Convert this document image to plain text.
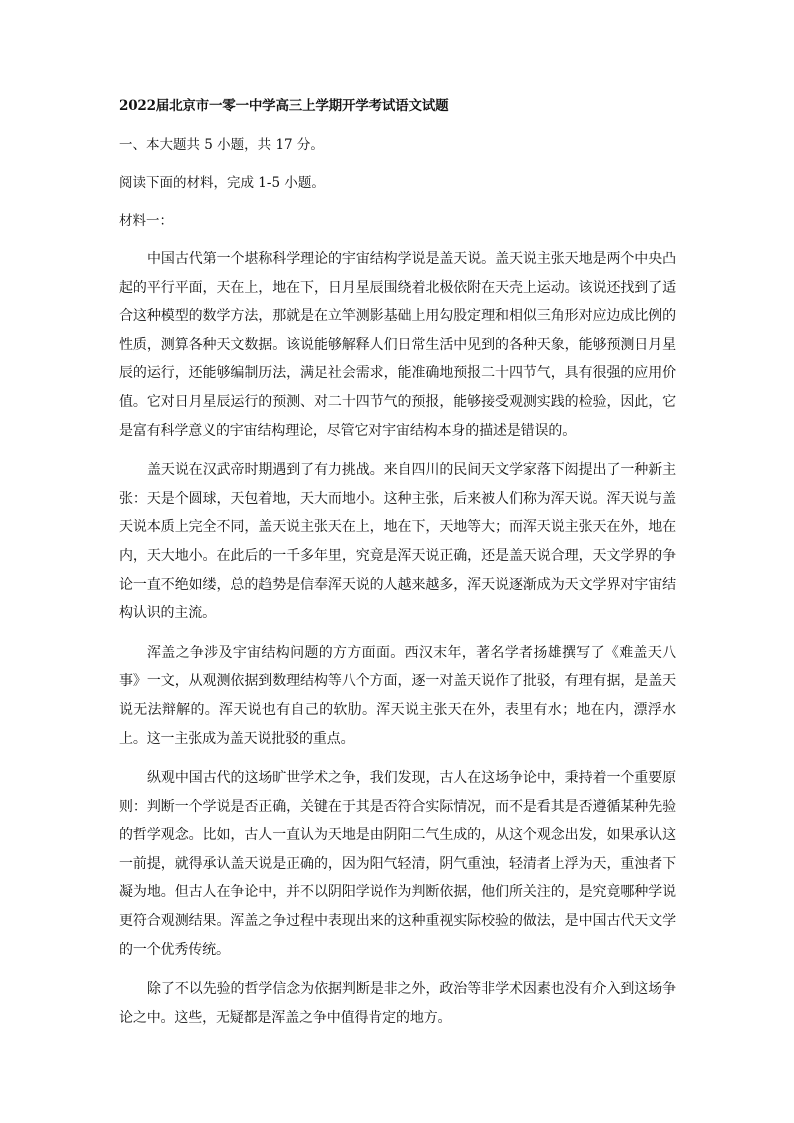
2022届北京市一零一中学高三上学期开学考试语文试题
一、本大题共 5 小题，共 17 分。
阅读下面的材料，完成 1-5 小题。
材料一：

中国古代第一个堪称科学理论的宇宙结构学说是盖天说。盖天说主张天地是两个中央凸起的平行平面，天在上，地在下，日月星辰围绕着北极依附在天壳上运动。该说还找到了适合这种模型的数学方法，那就是在立竿测影基础上用勾股定理和相似三角形对应边成比例的性质，测算各种天文数据。该说能够解释人们日常生活中见到的各种天象，能够预测日月星辰的运行，还能够编制历法，满足社会需求，能准确地预报二十四节气，具有很强的应用价值。它对日月星辰运行的预测、对二十四节气的预报，能够接受观测实践的检验，因此，它是富有科学意义的宇宙结构理论，尽管它对宇宙结构本身的描述是错误的。

盖天说在汉武帝时期遇到了有力挑战。来自四川的民间天文学家落下闳提出了一种新主张：天是个圆球，天包着地，天大而地小。这种主张，后来被人们称为浑天说。浑天说与盖天说本质上完全不同，盖天说主张天在上，地在下，天地等大；而浑天说主张天在外，地在内，天大地小。在此后的一千多年里，究竟是浑天说正确，还是盖天说合理，天文学界的争论一直不绝如缕，总的趋势是信奉浑天说的人越来越多，浑天说逐渐成为天文学界对宇宙结构认识的主流。

浑盖之争涉及宇宙结构问题的方方面面。西汉末年，著名学者扬雄撰写了《难盖天八事》一文，从观测依据到数理结构等八个方面，逐一对盖天说作了批驳，有理有据，是盖天说无法辩解的。浑天说也有自己的软肋。浑天说主张天在外，表里有水；地在内，漂浮水上。这一主张成为盖天说批驳的重点。

纵观中国古代的这场旷世学术之争，我们发现，古人在这场争论中，秉持着一个重要原则：判断一个学说是否正确，关键在于其是否符合实际情况，而不是看其是否遵循某种先验的哲学观念。比如，古人一直认为天地是由阴阳二气生成的，从这个观念出发，如果承认这一前提，就得承认盖天说是正确的，因为阳气轻清，阴气重浊，轻清者上浮为天，重浊者下凝为地。但古人在争论中，并不以阴阳学说作为判断依据，他们所关注的，是究竟哪种学说更符合观测结果。浑盖之争过程中表现出来的这种重视实际校验的做法，是中国古代天文学的一个优秀传统。

除了不以先验的哲学信念为依据判断是非之外，政治等非学术因素也没有介入到这场争论之中。这些，无疑都是浑盖之争中值得肯定的地方。
